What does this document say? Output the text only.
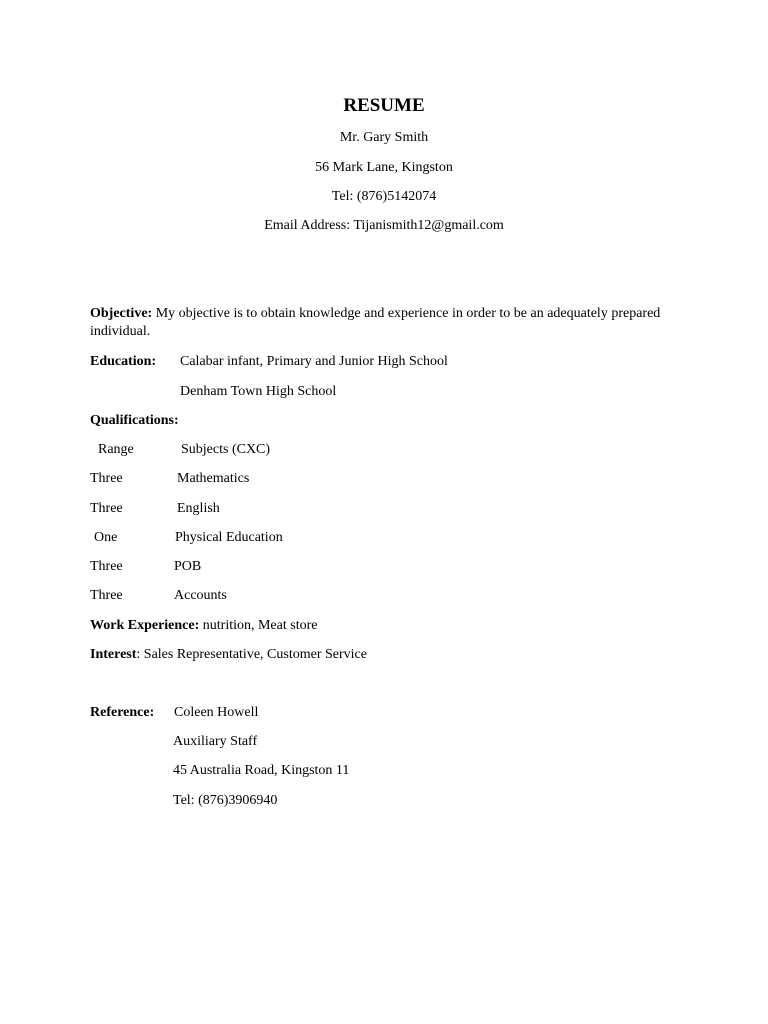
RESUME
Mr. Gary Smith
56 Mark Lane, Kingston
Tel: (876)5142074
Email Address: Tijanismith12@gmail.com
Objective: My objective is to obtain knowledge and experience in order to be an adequately prepared individual.
Education: Calabar infant, Primary and Junior High School
Denham Town High School
Qualifications:
Range	Subjects (CXC)
Three	Mathematics
Three	English
One	Physical Education
Three	POB
Three	Accounts
Work Experience: nutrition, Meat store
Interest: Sales Representative, Customer Service
Reference: Coleen Howell
Auxiliary Staff
45 Australia Road, Kingston 11
Tel: (876)3906940
